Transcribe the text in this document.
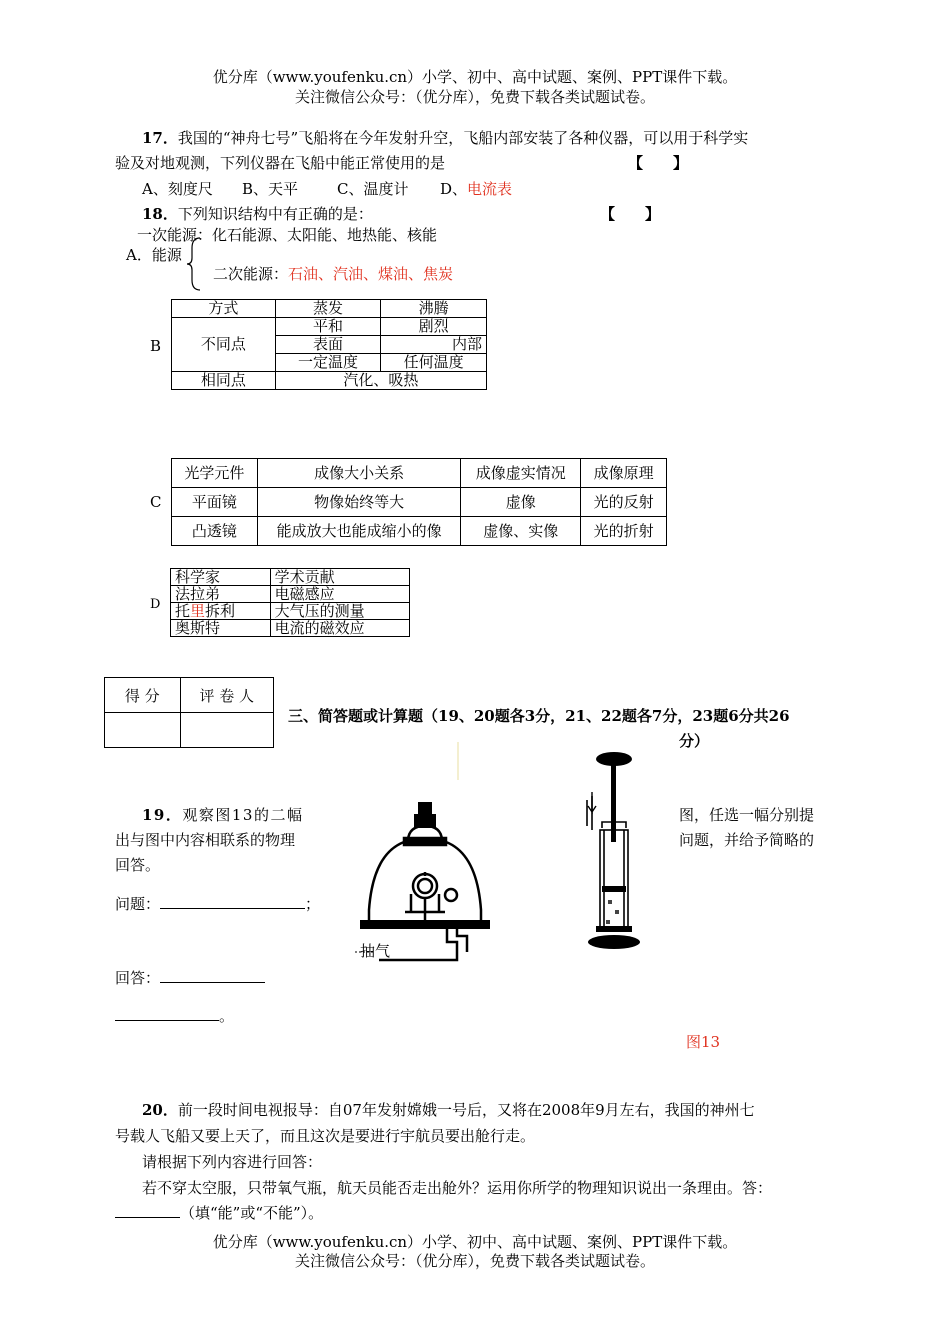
优分库（www.youfenku.cn）小学、初中、高中试题、案例、PPT课件下载。
关注微信公众号：（优分库），免费下载各类试题试卷。
17．我国的“神舟七号”飞船将在今年发射升空，飞船内部安装了各种仪器，可以用于科学实
验及对地观测，下列仪器在飞船中能正常使用的是	【　　】
A、刻度尺 B、天平	C、温度计 D、电流表
18．下列知识结构中有正确的是：	【　　】
一次能源：化石能源、太阳能、地热能、核能
A．能源
二次能源：石油、汽油、煤油、焦炭
B
方式	蒸发	沸腾
不同点	平和	剧烈
	表面	内部
	一定温度	任何温度
相同点	汽化、吸热	
C
光学元件	成像大小关系	成像虚实情况	成像原理
平面镜	物像始终等大	虚像	光的反射
凸透镜	能成放大也能成缩小的像	虚像、实像	光的折射
D
科学家	学术贡献
法拉弟	电磁感应
托里拆利	大气压的测量
奥斯特	电流的磁效应
得 分	评 卷 人

三、简答题或计算题（19、20题各3分，21、22题各7分，23题6分共26
分）
19．观察图13的二幅
出与图中内容相联系的物理
回答。
图，任选一幅分别提
问题，并给予简略的
问题：	；
回答：
。
抽气
图13
20．前一段时间电视报导：自07年发射嫦娥一号后，又将在2008年9月左右，我国的神州七
号载人飞船又要上天了，而且这次是要进行宇航员要出舱行走。
请根据下列内容进行回答：
若不穿太空服，只带氧气瓶，航天员能否走出舱外？运用你所学的物理知识说出一条理由。答：
（填“能”或“不能”）。
优分库（www.youfenku.cn）小学、初中、高中试题、案例、PPT课件下载。
关注微信公众号：（优分库），免费下载各类试题试卷。
